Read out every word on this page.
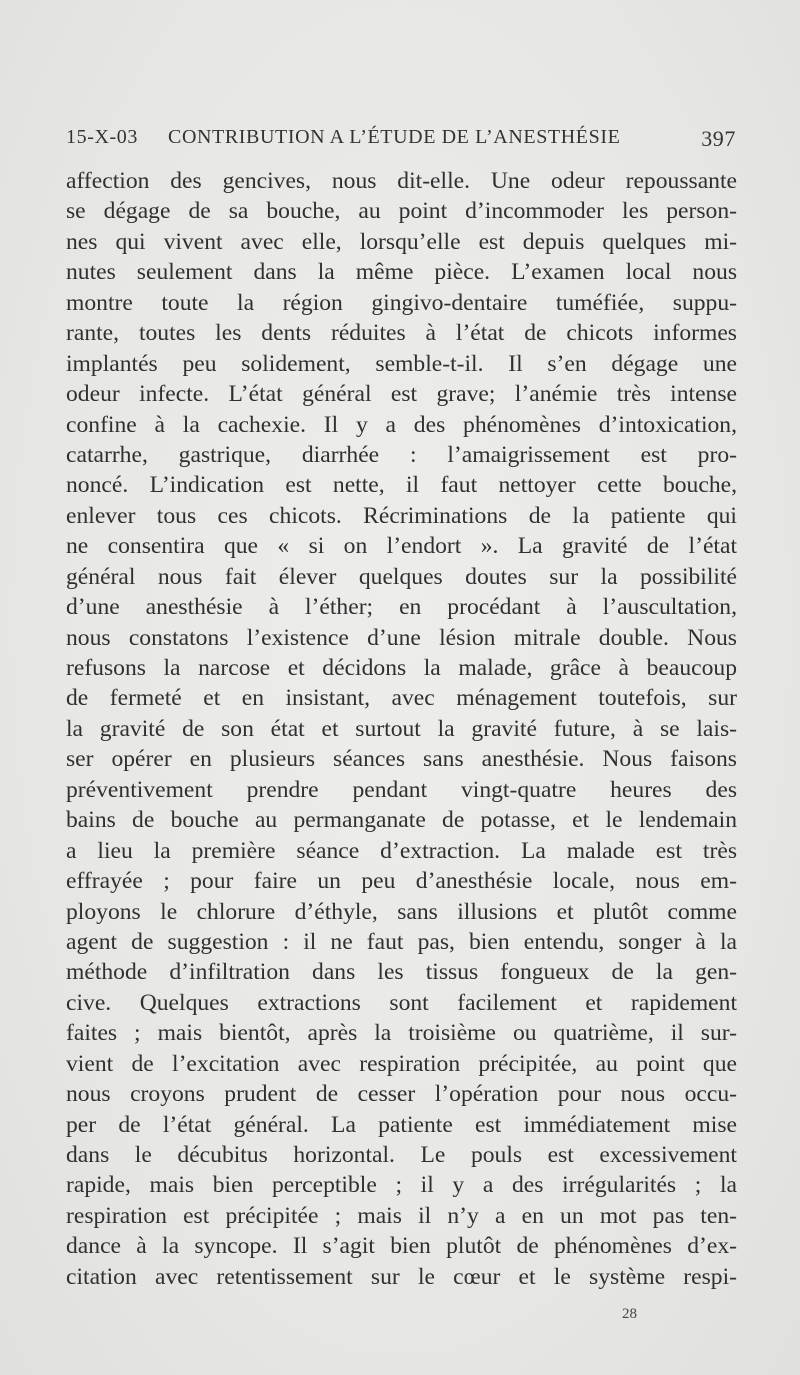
15-X-03 CONTRIBUTION A L’ÉTUDE DE L’ANESTHÉSIE	397
affection des gencives, nous dit-elle. Une odeur repoussante
se dégage de sa bouche, au point d’incommoder les person-
nes qui vivent avec elle, lorsqu’elle est depuis quelques mi-
nutes seulement dans la même pièce. L’examen local nous
montre toute la région gingivo-dentaire tuméfiée, suppu-
rante, toutes les dents réduites à l’état de chicots informes
implantés peu solidement, semble-t-il. Il s’en dégage une
odeur infecte. L’état général est grave; l’anémie très intense
confine à la cachexie. Il y a des phénomènes d’intoxication,
catarrhe, gastrique, diarrhée : l’amaigrissement est pro-
noncé. L’indication est nette, il faut nettoyer cette bouche,
enlever tous ces chicots. Récriminations de la patiente qui
ne consentira que « si on l’endort ». La gravité de l’état
général nous fait élever quelques doutes sur la possibilité
d’une anesthésie à l’éther; en procédant à l’auscultation,
nous constatons l’existence d’une lésion mitrale double. Nous
refusons la narcose et décidons la malade, grâce à beaucoup
de fermeté et en insistant, avec ménagement toutefois, sur
la gravité de son état et surtout la gravité future, à se lais-
ser opérer en plusieurs séances sans anesthésie. Nous faisons
préventivement prendre pendant vingt-quatre heures des
bains de bouche au permanganate de potasse, et le lendemain
a lieu la première séance d’extraction. La malade est très
effrayée ; pour faire un peu d’anesthésie locale, nous em-
ployons le chlorure d’éthyle, sans illusions et plutôt comme
agent de suggestion : il ne faut pas, bien entendu, songer à la
méthode d’infiltration dans les tissus fongueux de la gen-
cive. Quelques extractions sont facilement et rapidement
faites ; mais bientôt, après la troisième ou quatrième, il sur-
vient de l’excitation avec respiration précipitée, au point que
nous croyons prudent de cesser l’opération pour nous occu-
per de l’état général. La patiente est immédiatement mise
dans le décubitus horizontal. Le pouls est excessivement
rapide, mais bien perceptible ; il y a des irrégularités ; la
respiration est précipitée ; mais il n’y a en un mot pas ten-
dance à la syncope. Il s’agit bien plutôt de phénomènes d’ex-
citation avec retentissement sur le cœur et le système respi-
28
